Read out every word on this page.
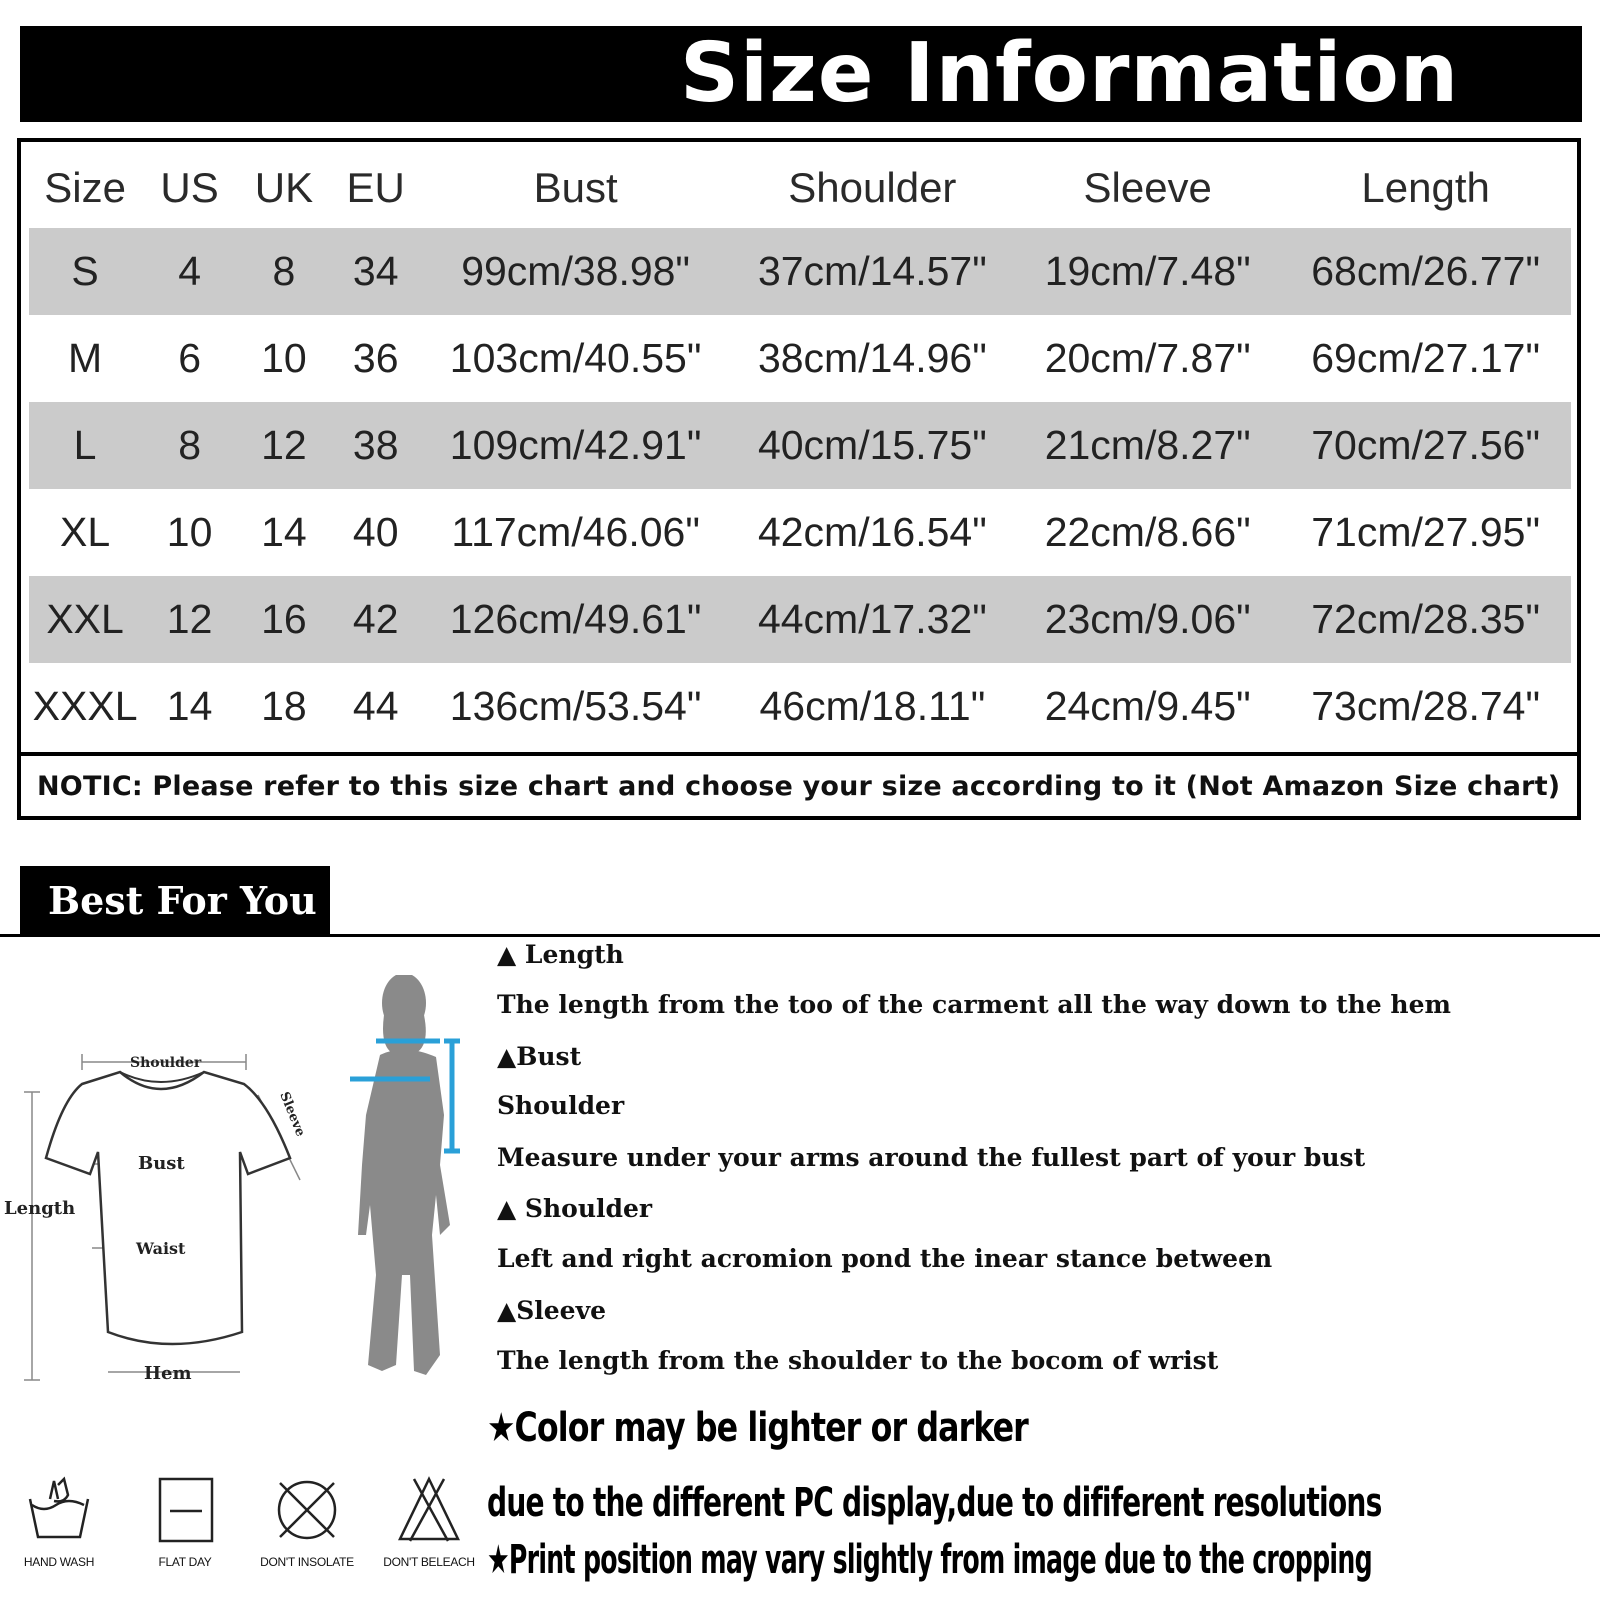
Size Information
Size	US	UK	EU	Bust	Shoulder	Sleeve	Length
S	4	8	34	99cm/38.98"	37cm/14.57"	19cm/7.48"	68cm/26.77"
M	6	10	36	103cm/40.55"	38cm/14.96"	20cm/7.87"	69cm/27.17"
L	8	12	38	109cm/42.91"	40cm/15.75"	21cm/8.27"	70cm/27.56"
XL	10	14	40	117cm/46.06"	42cm/16.54"	22cm/8.66"	71cm/27.95"
XXL	12	16	42	126cm/49.61"	44cm/17.32"	23cm/9.06"	72cm/28.35"
XXXL	14	18	44	136cm/53.54"	46cm/18.11"	24cm/9.45"	73cm/28.74"
NOTIC: Please refer to this size chart and choose your size according to it (Not Amazon Size chart)
Best For You
Shoulder
Bust
Waist
Length
Hem
Sleeve
HAND WASH	FLAT DAY	DON'T INSOLATE	DON'T BELEACH
▲ Length
The length from the too of the carment all the way down to the hem
▲Bust
Shoulder
Measure under your arms around the fullest part of your bust
▲ Shoulder
Left and right acromion pond the inear stance between
▲Sleeve
The length from the shoulder to the bocom of wrist
★Color may be lighter or darker
due to the different PC display,due to dififerent resolutions
★Print position may vary slightly from image due to the cropping
